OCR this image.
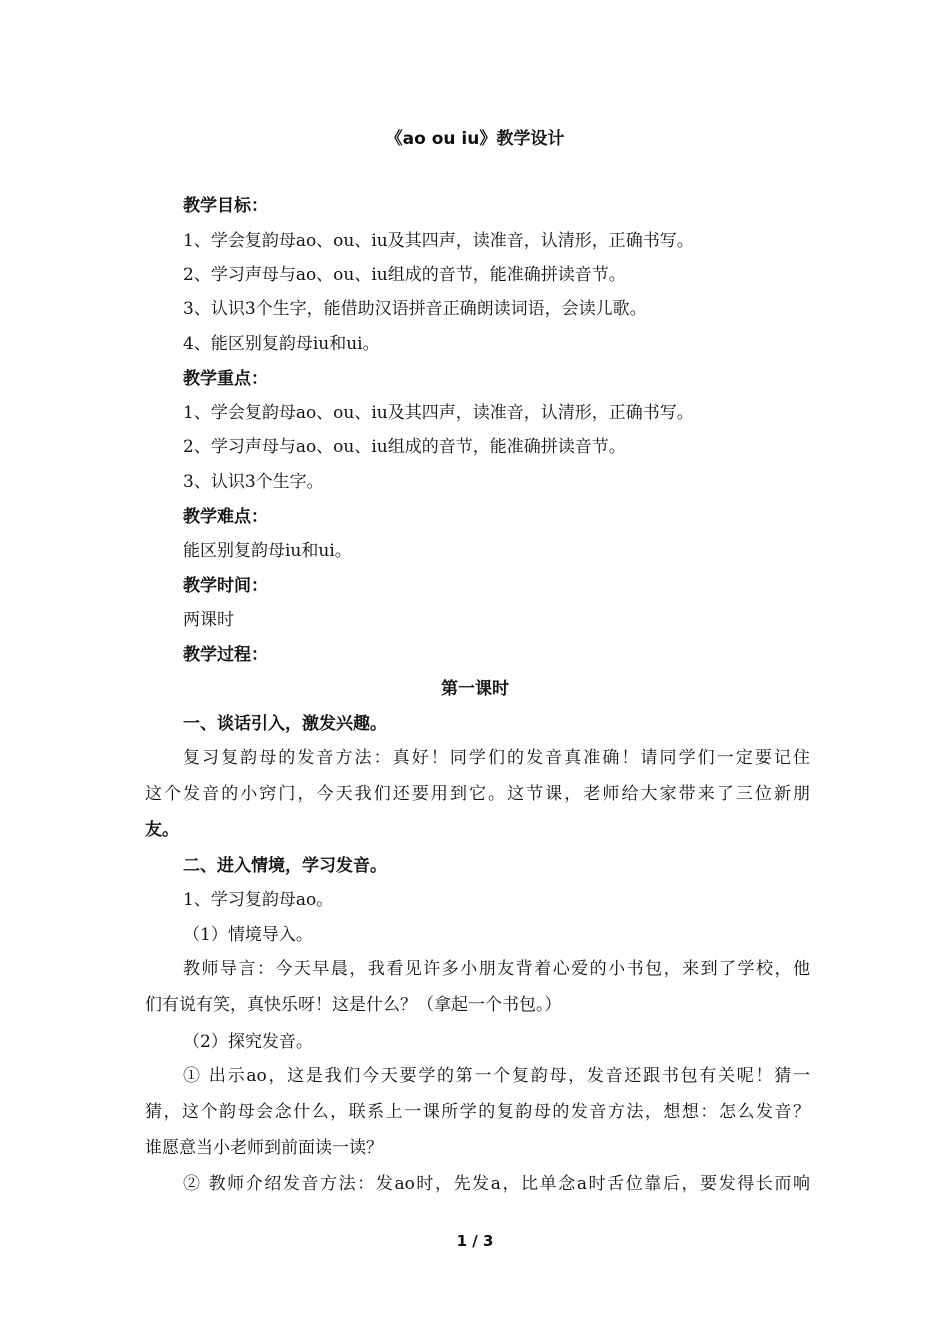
《ao ou iu》教学设计
教学目标：
1、学会复韵母ao、ou、iu及其四声，读准音，认清形，正确书写。
2、学习声母与ao、ou、iu组成的音节，能准确拼读音节。
3、认识3个生字，能借助汉语拼音正确朗读词语，会读儿歌。
4、能区别复韵母iu和ui。
教学重点：
1、学会复韵母ao、ou、iu及其四声，读准音，认清形，正确书写。
2、学习声母与ao、ou、iu组成的音节，能准确拼读音节。
3、认识3个生字。
教学难点：
能区别复韵母iu和ui。
教学时间：
两课时
教学过程：
第一课时
一、谈话引入，激发兴趣。
复习复韵母的发音方法：真好！同学们的发音真准确！请同学们一定要记住
这个发音的小窍门，今天我们还要用到它。这节课，老师给大家带来了三位新朋
友。
二、进入情境，学习发音。
1、学习复韵母ao。
（1）情境导入。
教师导言：今天早晨，我看见许多小朋友背着心爱的小书包，来到了学校，他
们有说有笑，真快乐呀！这是什么？（拿起一个书包。）
（2）探究发音。
① 出示ao，这是我们今天要学的第一个复韵母，发音还跟书包有关呢！猜一
猜，这个韵母会念什么，联系上一课所学的复韵母的发音方法，想想：怎么发音？
谁愿意当小老师到前面读一读？
② 教师介绍发音方法：发ao时，先发a，比单念a时舌位靠后，要发得长而响
1 / 3
